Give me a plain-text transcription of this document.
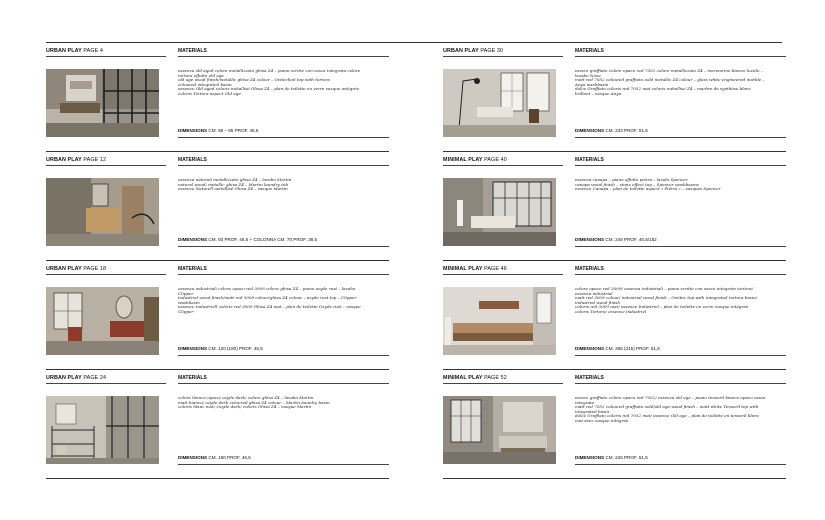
URBAN PLAY PAGE 4	MATERIALS
essenza old aged colore metallizzato ghisa Z4 – piano scritte con vasca integrata colore
tortora effetto old age
old age wood finish/metallic ghisa Z4 colour – Oviteched top with tortora
coloured integrated basin
essence Old aged coloris métallisé Ghisa Z4 – plan de toilette en verre vasque intégrée
coloris Tortora aspect Old age
DIMENSIONS CM. 85 – 85 PROF. 46,5
URBAN PLAY PAGE 12	MATERIALS
essenza naturali metallizzato ghisa Z4 – lavabo Martin
natural wood/ metallic ghisa Z4 – Martin laundry tub
essence Naturell métallisé Ghisa Z4 – vasque Martin
DIMENSIONS CM. 93 PROF. 46,5 + COLONNA CM. 70 PROF. 38,5
URBAN PLAY PAGE 18	MATERIALS
essenza industriali colore opaco red 3009 colore ghisa Z4 – piano azyde rust – lavabo
Clipper
industrial wood finish/matt red 3009 colour/ghisa Z4 colour – azyde rust top – Clipper
washbasin
essence Industriell coloris red 3009 Ghisa Z4 mat – plan de toilette Ozyde rust – vasque
Clipper
DIMENSIONS CM. 120 (180) PROF. 46,5
URBAN PLAY PAGE 24	MATERIALS
colore bianco opaco/ ozyde dark/ colore ghisa Z4 – lavabo Martin
matt bianco/ ozyde dark coloured ghisa Z4 colour – Martin laundry basin
coloris blanc mat/ Ozyde dark/ coloris Ghisa Z4 – vasque Martin
DIMENSIONS CM. 180 PROF. 46,5
URBAN PLAY PAGE 30	MATERIALS
essere graffiato colore opaco red 7052 colore metallizzato Z4 – marmorino bianco lucido –
lavabo Nova
matt red 7052 coloured graffiato oold metallic Z4 colour – gloss white engineered marble –
Anya washbasin
dolce Graffiato coloris red 7052 mat coloris métallisé Z4 – marbre de synthèse blanc
brillant – vasque Anya
DIMENSIONS CM. 233 PROF. 51,5
MINIMAL PLAY PAGE 40	MATERIALS
essenza canapa – piano effetto pietra – lavabi Spencer
canapa wood finish – stone effect top – Spencer washbasins
essence Canapa – plan de toilette aspect « Pietra » – vasques Spencer
DIMENSIONS CM. 246 PROF. 46,5/152
MINIMAL PLAY PAGE 46	MATERIALS
colore opaco red 3009/ essenza industriali – piano scritte con vasca integrata tortora/
essenza industrial
matt red 3009 colour/ industrial wood finish – Oviitec top with integrated tortora basin/
industrial wood finish
coloris red 3009 mat/ essence Industriel – plan de toilette en verre vasque intégrée
coloris Tortora/ essence Industriel
DIMENSIONS CM. 265 (315) PROF. 51,5
MINIMAL PLAY PAGE 52	MATERIALS
essere graffiato colore opaco red 7052/ essenza old age – piano tensoril bianco opaco vasca
integrata
matt red 7052 coloured graffiato oold/old age wood finish – matt white Tensoril top with
integrated basin
dolce Graffiato coloris red 7052 mat/ essence Old age – plan de toilette en tensoril blanc
mat avec vasque intégrée
DIMENSIONS CM. 225 PROF. 51,5
